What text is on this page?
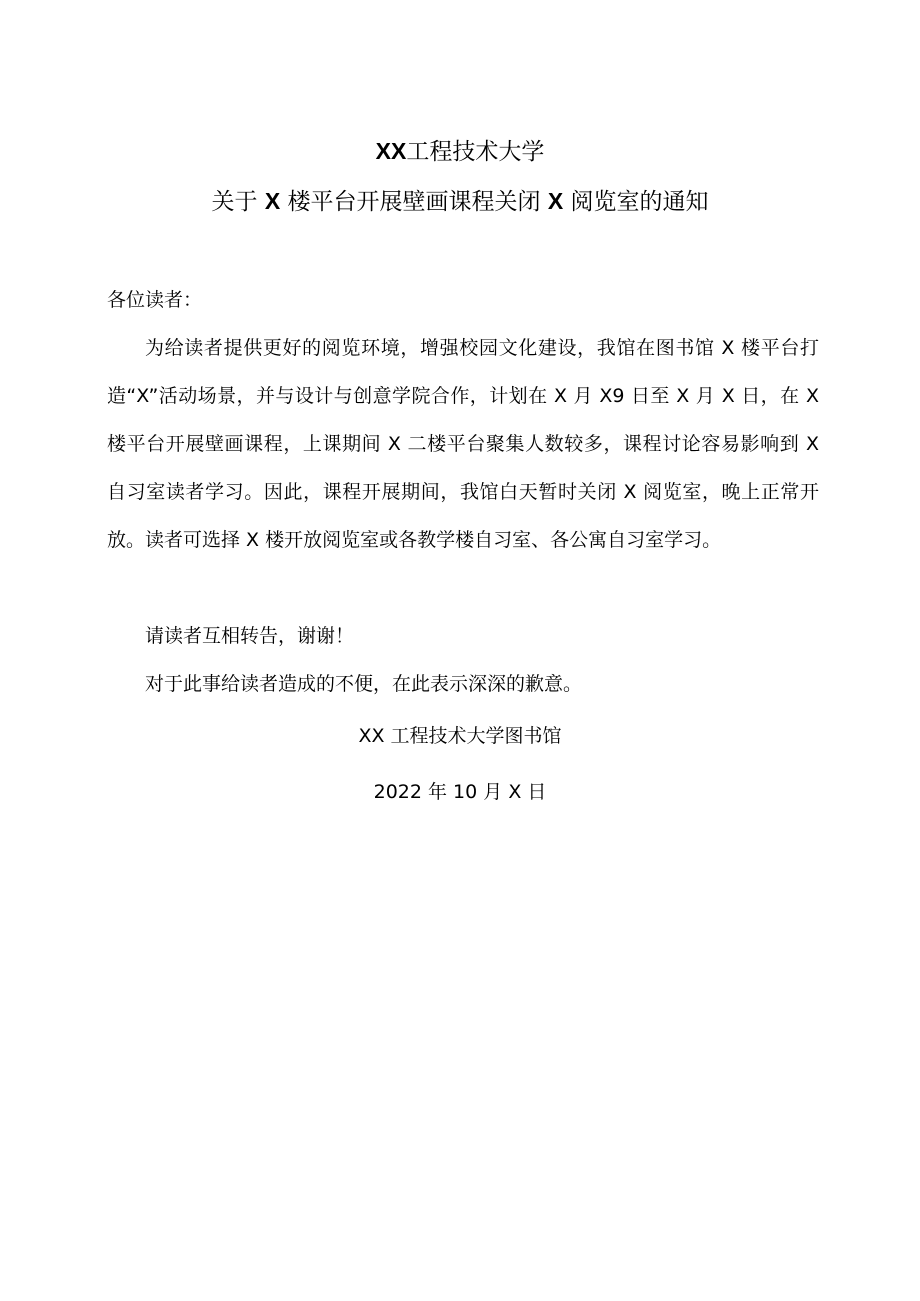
XX工程技术大学
关于 X 楼平台开展壁画课程关闭 X 阅览室的通知
各位读者：

为给读者提供更好的阅览环境，增强校园文化建设，我馆在图书馆 X 楼平台打造“X”活动场景，并与设计与创意学院合作，计划在 X 月 X9 日至 X 月 X 日，在 X 楼平台开展壁画课程，上课期间 X 二楼平台聚集人数较多，课程讨论容易影响到 X 自习室读者学习。因此，课程开展期间，我馆白天暂时关闭 X 阅览室，晚上正常开放。读者可选择 X 楼开放阅览室或各教学楼自习室、各公寓自习室学习。

请读者互相转告，谢谢！

对于此事给读者造成的不便，在此表示深深的歉意。

XX 工程技术大学图书馆
2022 年 10 月 X 日
